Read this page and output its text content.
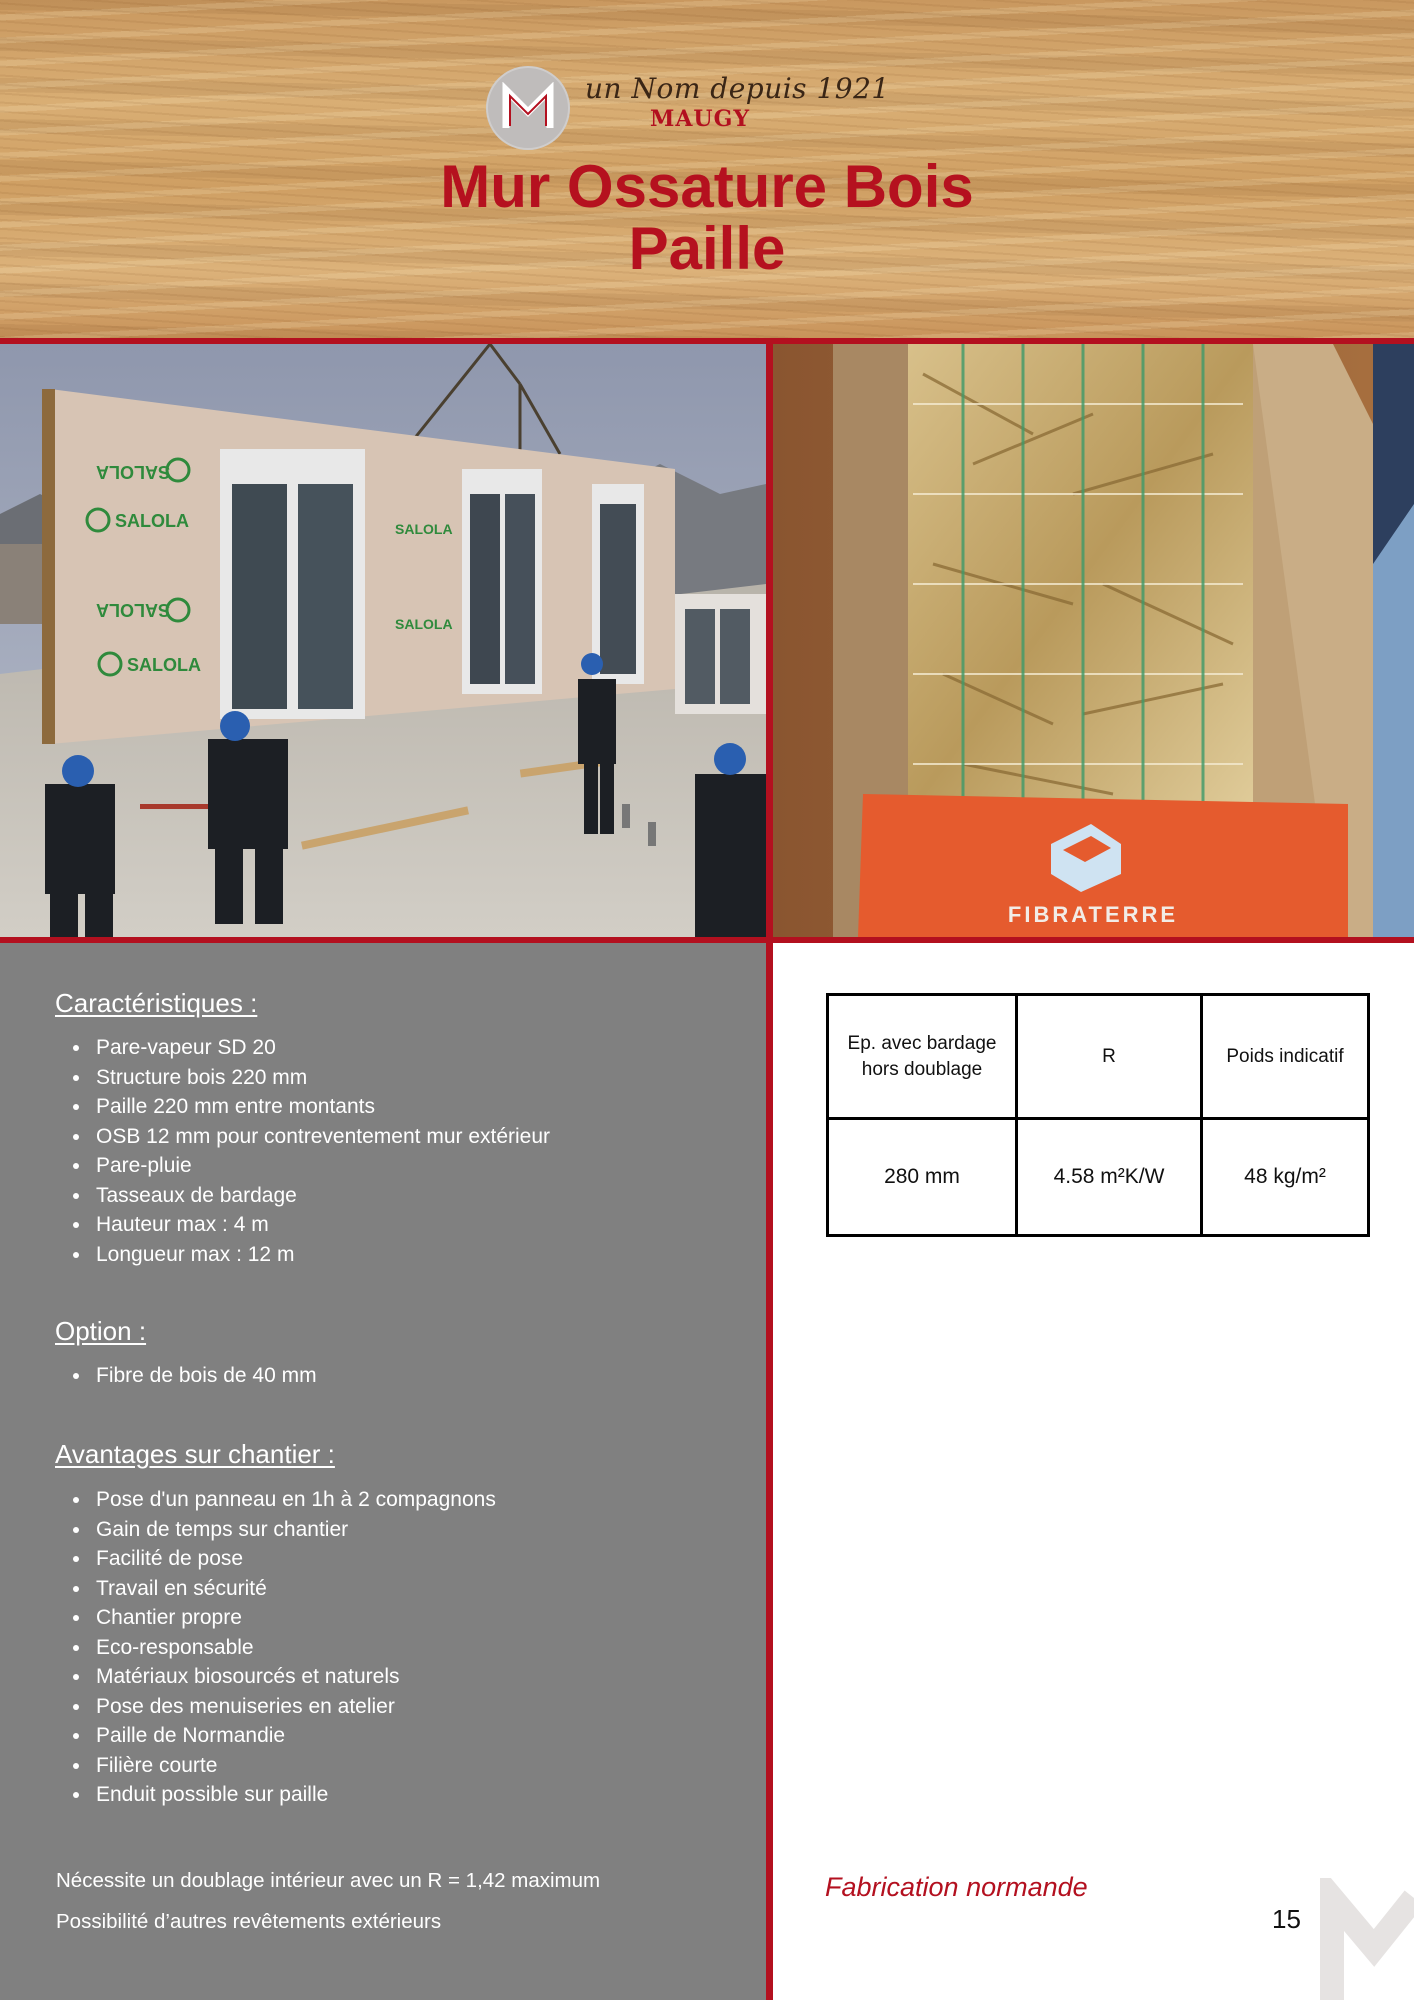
un Nom depuis 1921
MAUGY
Mur Ossature Bois
Paille
SALOLA
SALOLA
SALOLA
SALOLA
SALOLA
SALOLA
FIBRATERRE
Caractéristiques :
• Pare-vapeur SD 20
• Structure bois 220 mm
• Paille 220 mm entre montants
• OSB 12 mm pour contreventement mur extérieur
• Pare-pluie
• Tasseaux de bardage
• Hauteur max : 4 m
• Longueur max : 12 m
Option :
• Fibre de bois de 40 mm
Avantages sur chantier :
• Pose d'un panneau en 1h à 2 compagnons
• Gain de temps sur chantier
• Facilité de pose
• Travail en sécurité
• Chantier propre
• Eco-responsable
• Matériaux biosourcés et naturels
• Pose des menuiseries en atelier
• Paille de Normandie
• Filière courte
• Enduit possible sur paille
Nécessite un doublage intérieur avec un R = 1,42 maximum
Possibilité d’autres revêtements extérieurs
Ep. avec bardage hors doublage	R	Poids indicatif
280 mm	4.58 m²K/W	48 kg/m²
Fabrication normande
15
